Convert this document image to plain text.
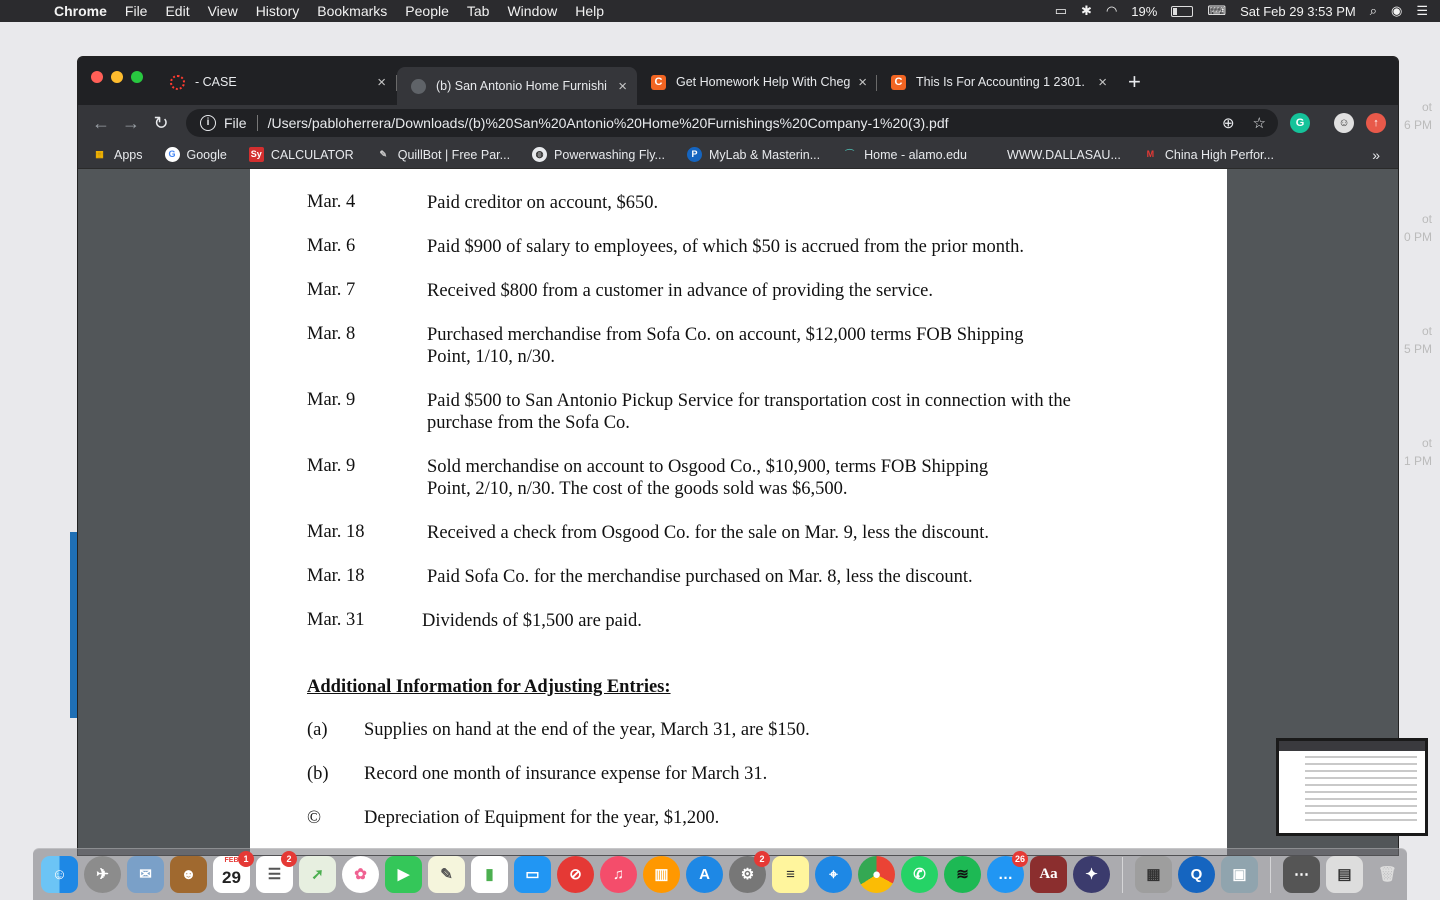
Chrome File Edit View History Bookmarks People Tab Window Help	▭ ✱ ◠ 19%	⌨ Sat Feb 29 3:53 PM ⌕ ◉ ☰
ot
6 PM
ot
0 PM
ot
5 PM
ot
1 PM
- CASE	×	(b) San Antonio Home Furnishi ×	C Get Homework Help With Cheg ×	C This Is For Accounting 1 2301. × +
← → ↻	i	File /Users/pabloherrera/Downloads/(b)%20San%20Antonio%20Home%20Furnishings%20Company-1%20(3).pdf	⊕ ☆	G	☺	↑
▦ Apps	G Google	Sy CALCULATOR	✎ QuillBot | Free Par...	◍ Powerwashing Fly...	P MyLab & Masterin...	⌒ Home - alamo.edu	WWW.DALLASAU...	M China High Perfor...	»
Mar. 4	Paid creditor on account, $650.
Mar. 6	Paid $900 of salary to employees, of which $50 is accrued from the prior month.
Mar. 7	Received $800 from a customer in advance of providing the service.
Mar. 8	Purchased merchandise from Sofa Co. on account, $12,000 terms FOB Shipping Point, 1/10, n/30.
Mar. 9	Paid $500 to San Antonio Pickup Service for transportation cost in connection with the purchase from the Sofa Co.
Mar. 9	Sold merchandise on account to Osgood Co., $10,900, terms FOB Shipping Point, 2/10, n/30. The cost of the goods sold was $6,500.
Mar. 18	Received a check from Osgood Co. for the sale on Mar. 9, less the discount.
Mar. 18	Paid Sofa Co. for the merchandise purchased on Mar. 8, less the discount.
Mar. 31	Dividends of $1,500 are paid.
Additional Information for Adjusting Entries:
(a) Supplies on hand at the end of the year, March 31, are $150.
(b) Record one month of insurance expense for March 31.
© Depreciation of Equipment for the year, $1,200.
☺	✈	✉	☻
FEB
29
1
☰
2
➚	✿	▶	✎	▮	▭	⊘	♫	▥	A	⚙
2
≡	⌖	●	✆	≋	…
26
Aa	✦	▦	Q	▣	⋯	▤	🗑
